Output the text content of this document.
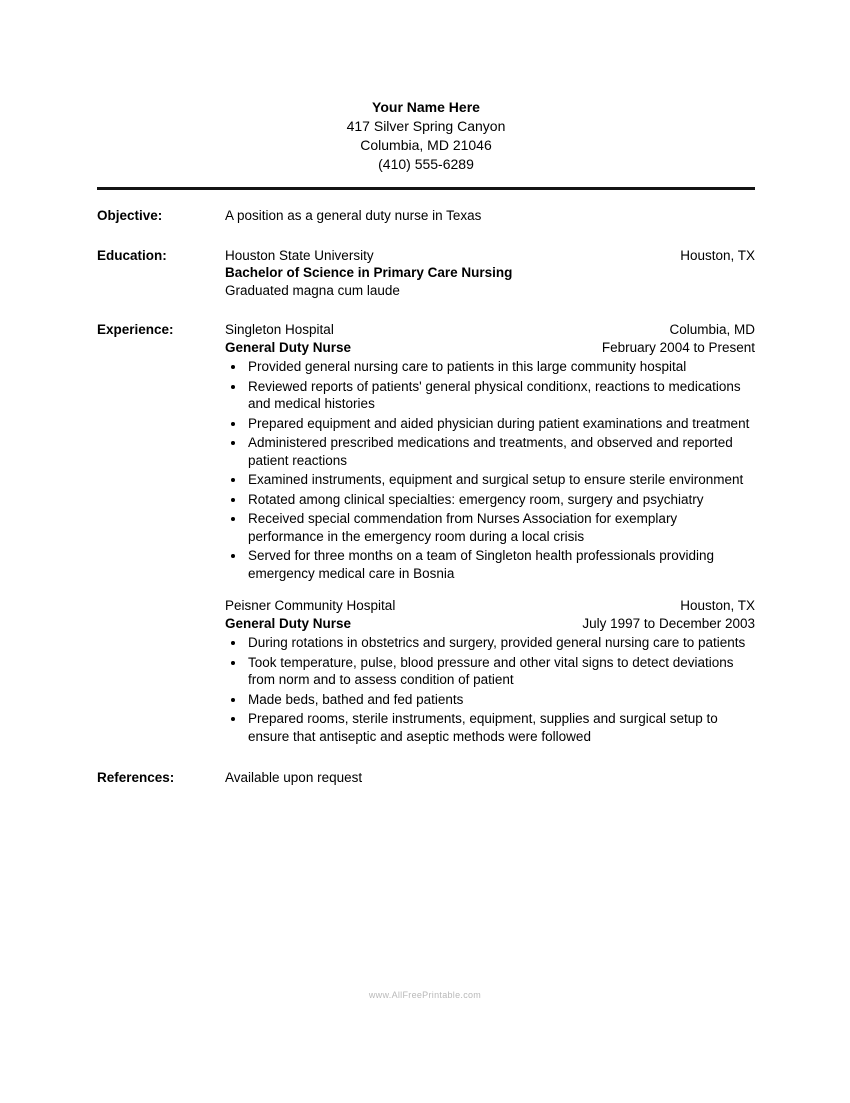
Your Name Here
417 Silver Spring Canyon
Columbia, MD 21046
(410) 555-6289
Objective:	A position as a general duty nurse in Texas
Education:	Houston State University	Houston, TX
Bachelor of Science in Primary Care Nursing
Graduated magna cum laude
Experience:	Singleton Hospital	Columbia, MD
General Duty Nurse	February 2004 to Present
• Provided general nursing care to patients in this large community hospital
• Reviewed reports of patients' general physical conditionx, reactions to medications and medical histories
• Prepared equipment and aided physician during patient examinations and treatment
• Administered prescribed medications and treatments, and observed and reported patient reactions
• Examined instruments, equipment and surgical setup to ensure sterile environment
• Rotated among clinical specialties: emergency room, surgery and psychiatry
• Received special commendation from Nurses Association for exemplary performance in the emergency room during a local crisis
• Served for three months on a team of Singleton health professionals providing emergency medical care in Bosnia
Peisner Community Hospital	Houston, TX
General Duty Nurse	July 1997 to December 2003
• During rotations in obstetrics and surgery, provided general nursing care to patients
• Took temperature, pulse, blood pressure and other vital signs to detect deviations from norm and to assess condition of patient
• Made beds, bathed and fed patients
• Prepared rooms, sterile instruments, equipment, supplies and surgical setup to ensure that antiseptic and aseptic methods were followed
References:	Available upon request
www.AllFreePrintable.com
